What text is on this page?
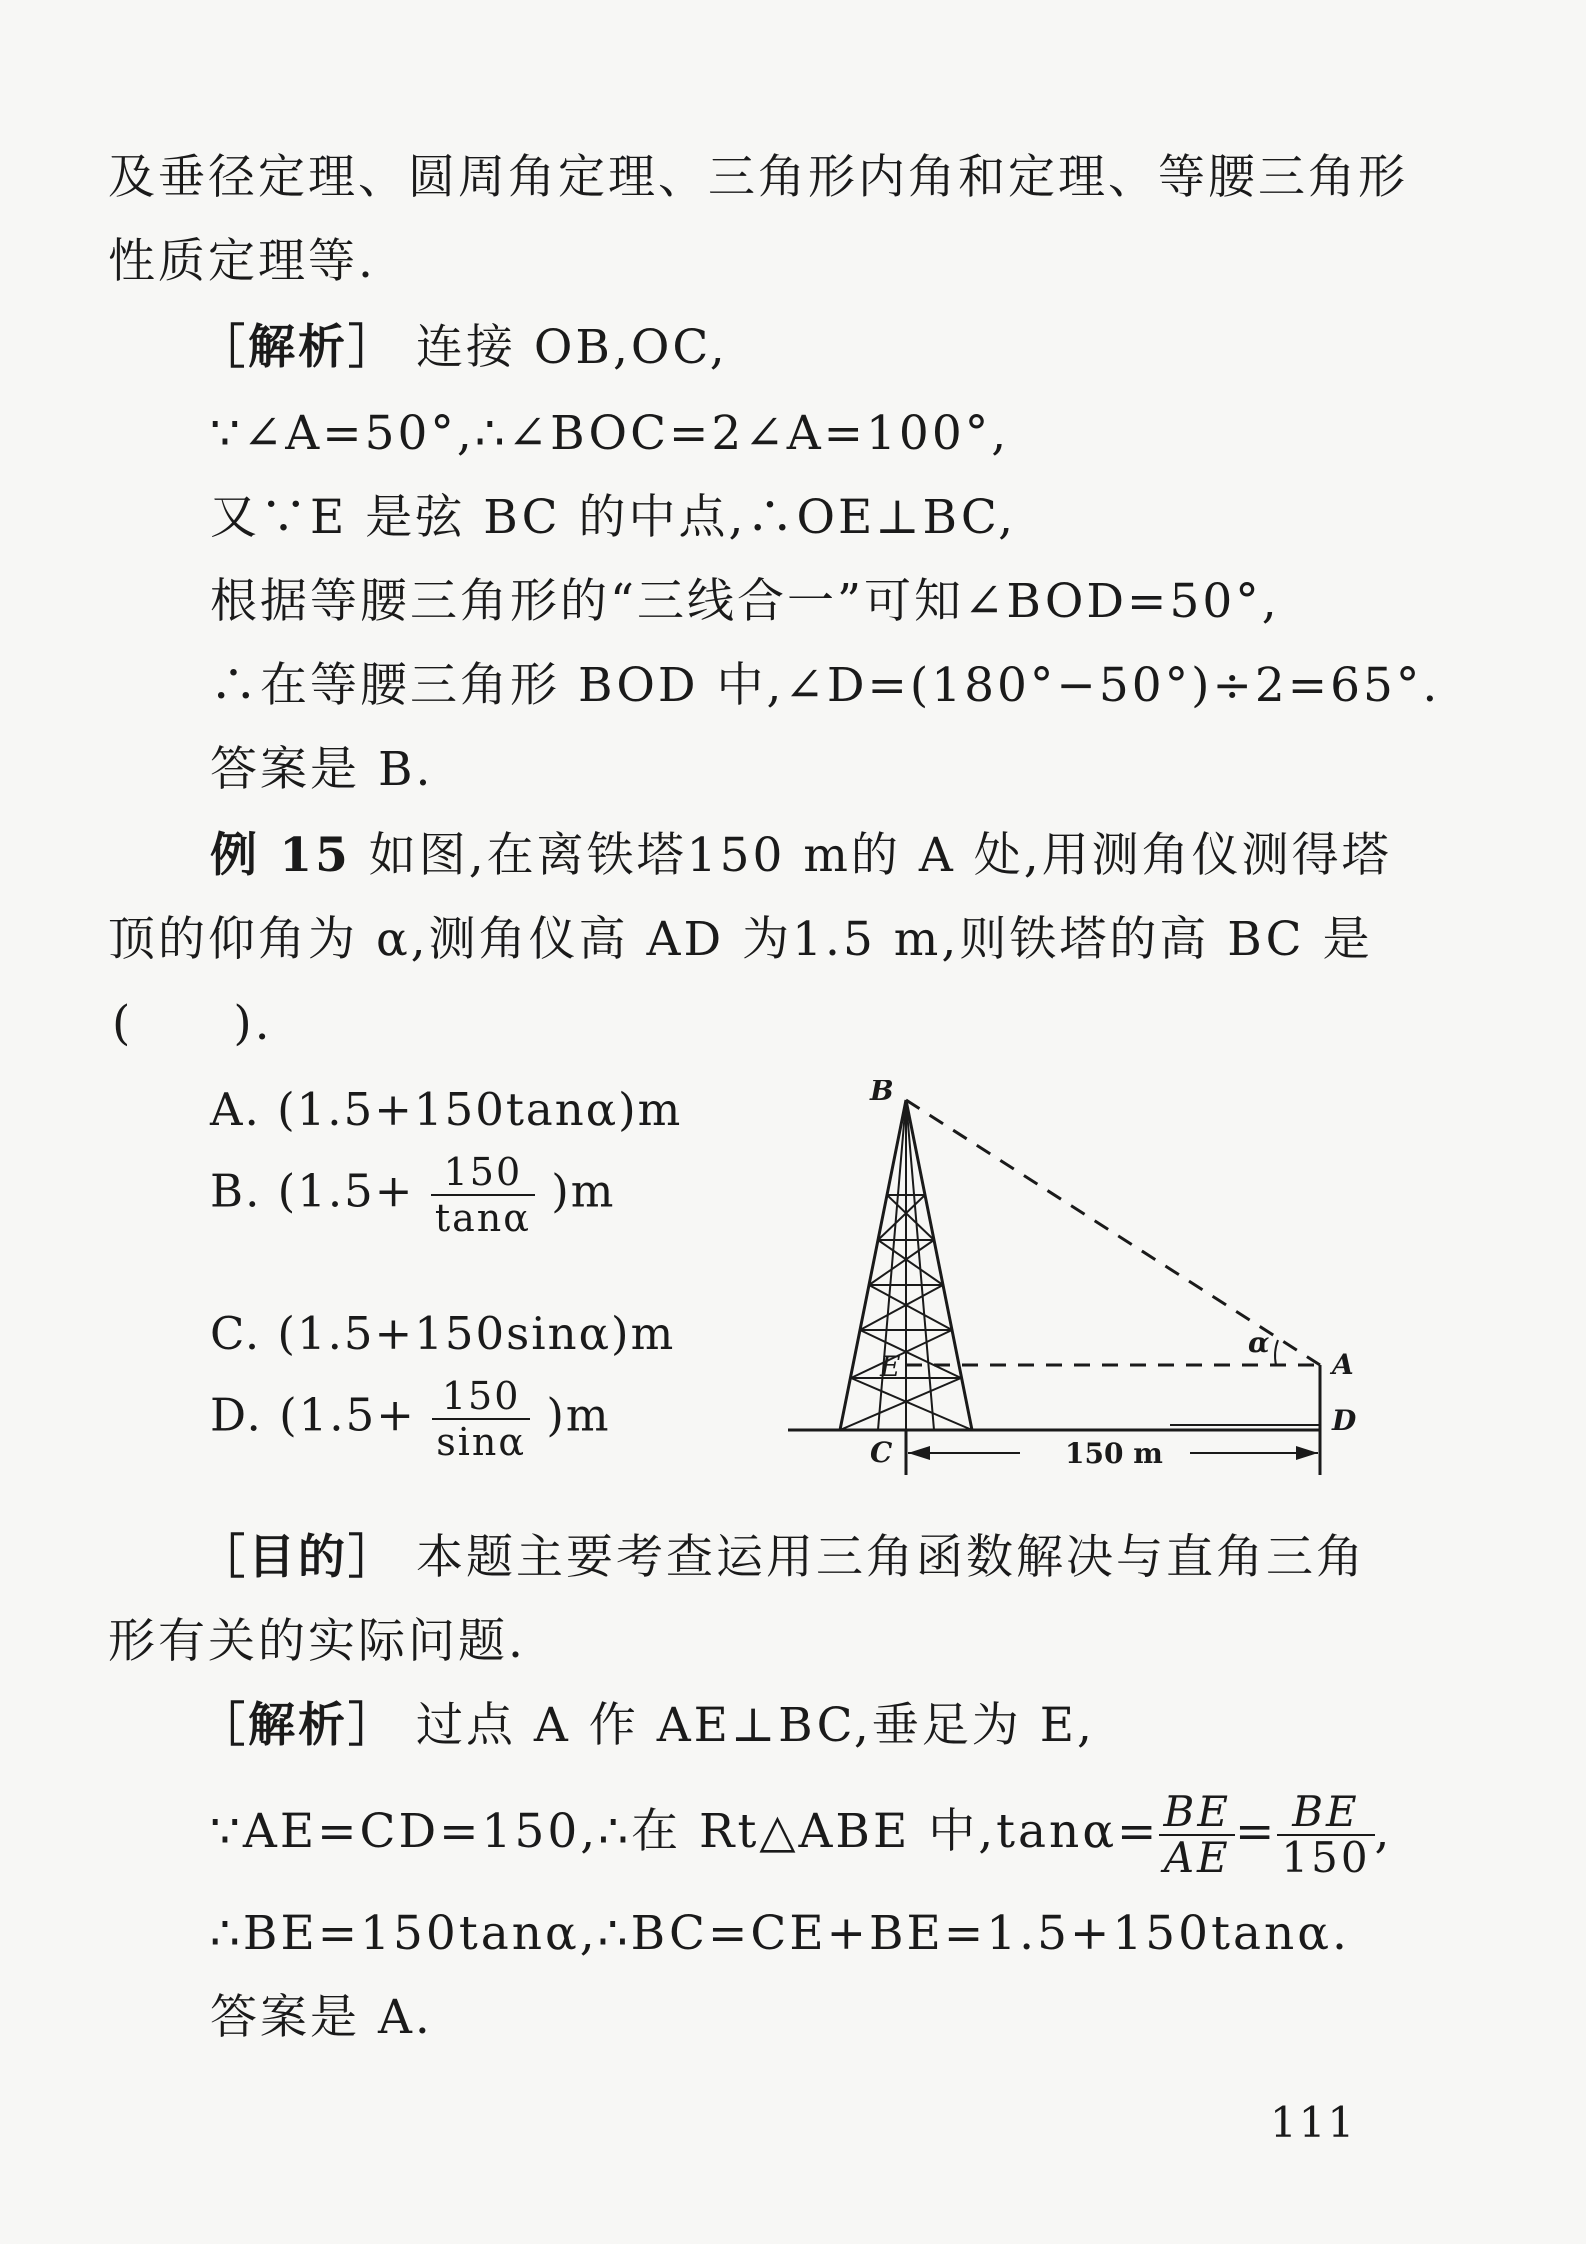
及垂径定理、圆周角定理、三角形内角和定理、等腰三角形
性质定理等.
［解析］ 连接 OB,OC,
∵∠A=50°,∴∠BOC=2∠A=100°,
又∵E 是弦 BC 的中点,∴OE⊥BC,
根据等腰三角形的“三线合一”可知∠BOD=50°,
∴在等腰三角形 BOD 中,∠D=(180°−50°)÷2=65°.
答案是 B.
例 15 如图,在离铁塔150 m的 A 处,用测角仪测得塔
顶的仰角为 α,测角仪高 AD 为1.5 m,则铁塔的高 BC 是
(　　).
A. (1.5+150tanα)m
B. $(1.5+ \frac{150}{\tan\alpha} )m$
C. (1.5+150sinα)m
D. $(1.5+ \frac{150}{\sin\alpha} )m$
B
A
D
C
E
α
150 m
［目的］ 本题主要考查运用三角函数解决与直角三角
形有关的实际问题.
［解析］ 过点 A 作 AE⊥BC,垂足为 E,
∵AE=CD=150,∴在 Rt△ABE 中$,\tan\alpha= \frac{BE}{AE} = \frac{BE}{150}$ ,
∴BE=150tanα,∴BC=CE+BE=1.5+150tanα.
答案是 A.
111
